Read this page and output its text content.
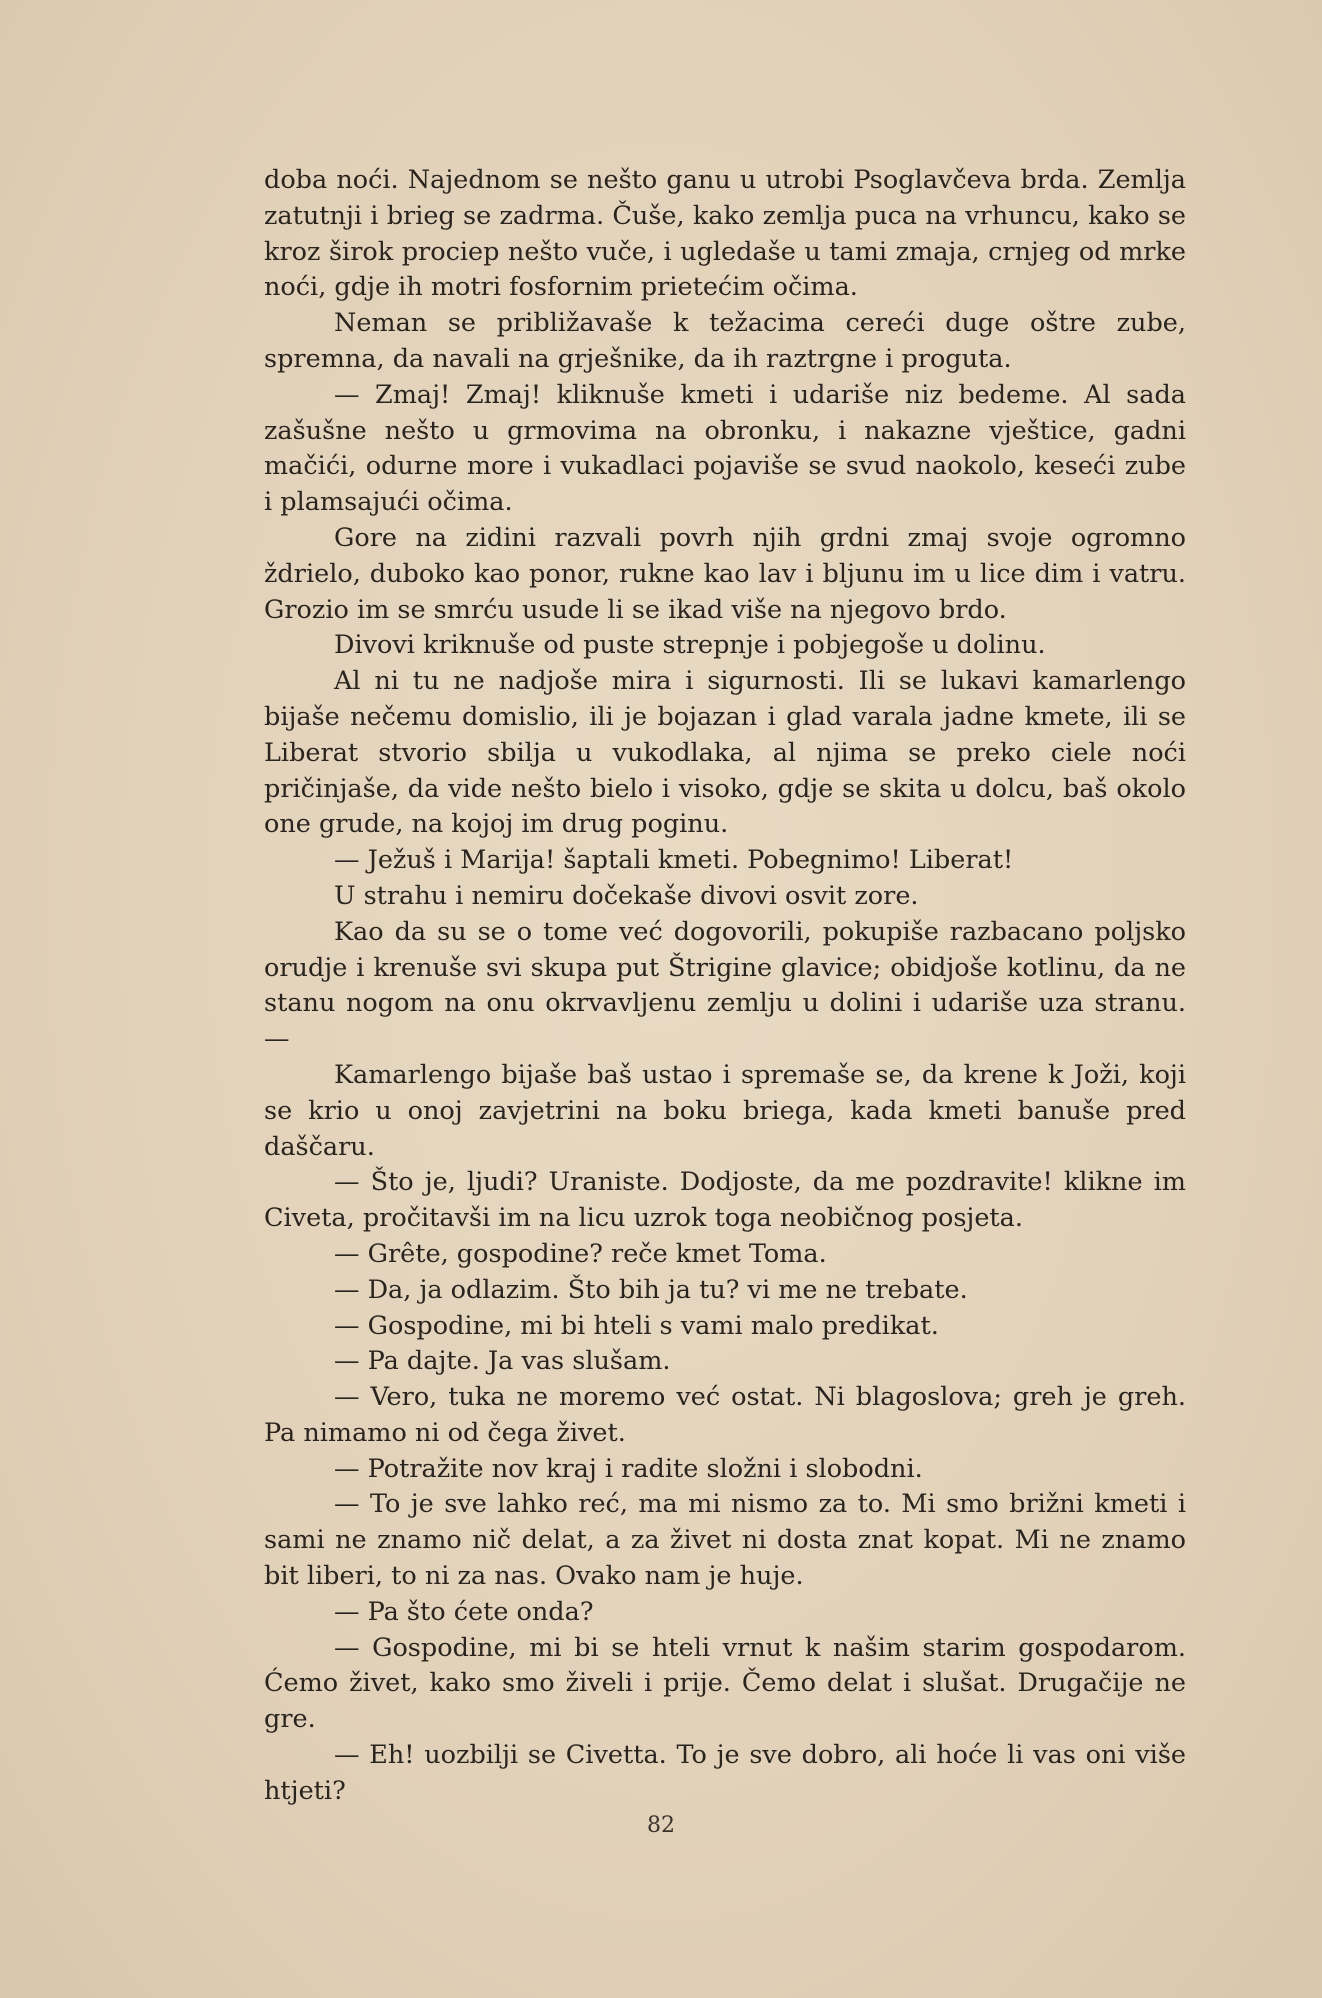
doba noći. Najednom se nešto ganu u utrobi Psoglavčeva brda. Zemlja zatutnji i brieg se zadrma. Čuše, kako zemlja puca na vrhuncu, kako se kroz širok prociep nešto vuče, i ugledaše u tami zmaja, crnjeg od mrke noći, gdje ih motri fosfornim prietećim očima.

Neman se približavaše k težacima cereći duge oštre zube, spremna, da navali na grješnike, da ih raztrgne i proguta.

— Zmaj! Zmaj! kliknuše kmeti i udariše niz bedeme. Al sada zašušne nešto u grmovima na obronku, i nakazne vještice, gadni mačići, odurne more i vukadlaci pojaviše se svud naokolo, keseći zube i plamsajući očima.

Gore na zidini razvali povrh njih grdni zmaj svoje ogromno ždrielo, duboko kao ponor, rukne kao lav i bljunu im u lice dim i vatru. Grozio im se smrću usude li se ikad više na njegovo brdo.

Divovi kriknuše od puste strepnje i pobjegoše u dolinu.

Al ni tu ne nadjoše mira i sigurnosti. Ili se lukavi kamarlengo bijaše nečemu domislio, ili je bojazan i glad varala jadne kmete, ili se Liberat stvorio sbilja u vukodlaka, al njima se preko ciele noći pričinjaše, da vide nešto bielo i visoko, gdje se skita u dolcu, baš okolo one grude, na kojoj im drug poginu.

— Ježuš i Marija! šaptali kmeti. Pobegnimo! Liberat!

U strahu i nemiru dočekaše divovi osvit zore.

Kao da su se o tome već dogovorili, pokupiše razbacano poljsko orudje i krenuše svi skupa put Štrigine glavice; obidjoše kotlinu, da ne stanu nogom na onu okrvavljenu zemlju u dolini i udariše uza stranu. —

Kamarlengo bijaše baš ustao i spremaše se, da krene k Joži, koji se krio u onoj zavjetrini na boku briega, kada kmeti banuše pred daščaru.

— Što je, ljudi? Uraniste. Dodjoste, da me pozdravite! klikne im Civeta, pročitavši im na licu uzrok toga neobičnog posjeta.

— Grête, gospodine? reče kmet Toma.

— Da, ja odlazim. Što bih ja tu? vi me ne trebate.

— Gospodine, mi bi hteli s vami malo predikat.

— Pa dajte. Ja vas slušam.

— Vero, tuka ne moremo već ostat. Ni blagoslova; greh je greh. Pa nimamo ni od čega živet.

— Potražite nov kraj i radite složni i slobodni.

— To je sve lahko reć, ma mi nismo za to. Mi smo brižni kmeti i sami ne znamo nič delat, a za živet ni dosta znat kopat. Mi ne znamo bit liberi, to ni za nas. Ovako nam je huje.

— Pa što ćete onda?

— Gospodine, mi bi se hteli vrnut k našim starim gospodarom. Ćemo živet, kako smo živeli i prije. Čemo delat i slušat. Drugačije ne gre.

— Eh! uozbilji se Civetta. To je sve dobro, ali hoće li vas oni više htjeti?

82
